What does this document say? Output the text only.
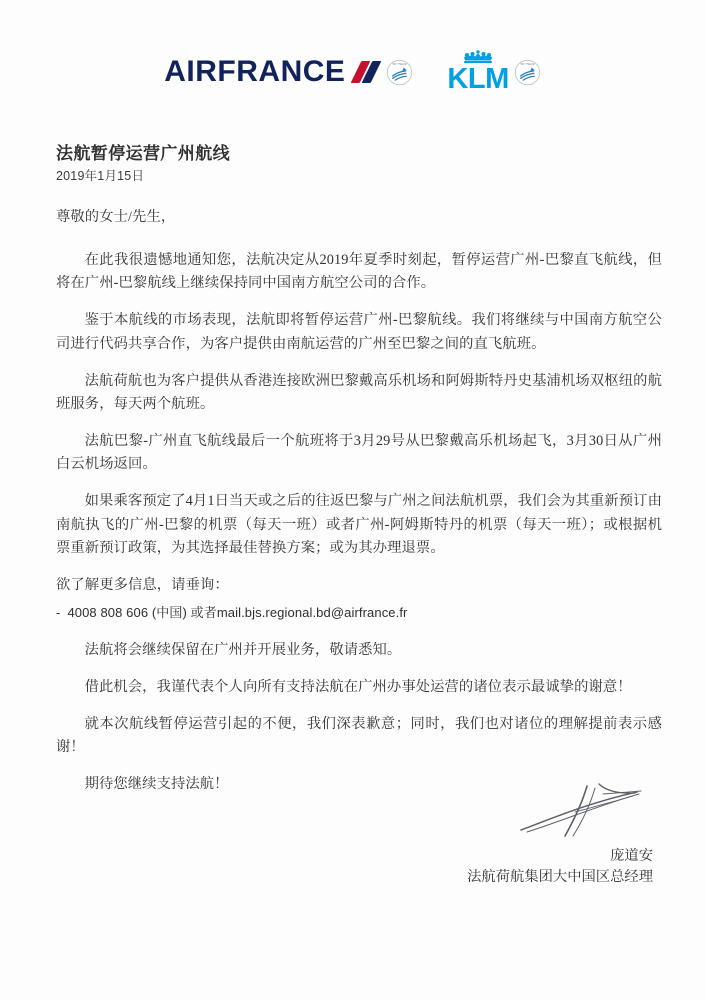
AIRFRANCE	SKYTEAM KLM SKYTEAM
法航暂停运营广州航线
2019年1月15日

尊敬的女士/先生，

在此我很遗憾地通知您，法航决定从2019年夏季时刻起，暂停运营广州-巴黎直飞航线，但将在广州-巴黎航线上继续保持同中国南方航空公司的合作。

鉴于本航线的市场表现，法航即将暂停运营广州-巴黎航线。我们将继续与中国南方航空公司进行代码共享合作，为客户提供由南航运营的广州至巴黎之间的直飞航班。

法航荷航也为客户提供从香港连接欧洲巴黎戴高乐机场和阿姆斯特丹史基浦机场双枢纽的航班服务，每天两个航班。

法航巴黎-广州直飞航线最后一个航班将于3月29号从巴黎戴高乐机场起飞，3月30日从广州白云机场返回。

如果乘客预定了4月1日当天或之后的往返巴黎与广州之间法航机票，我们会为其重新预订由南航执飞的广州-巴黎的机票（每天一班）或者广州-阿姆斯特丹的机票（每天一班）；或根据机票重新预订政策，为其选择最佳替换方案；或为其办理退票。

欲了解更多信息，请垂询：

- 4008 808 606 (中国) 或者mail.bjs.regional.bd@airfrance.fr

法航将会继续保留在广州并开展业务，敬请悉知。

借此机会，我谨代表个人向所有支持法航在广州办事处运营的诸位表示最诚挚的谢意！

就本次航线暂停运营引起的不便，我们深表歉意；同时，我们也对诸位的理解提前表示感谢！

期待您继续支持法航！

庞道安
法航荷航集团大中国区总经理
